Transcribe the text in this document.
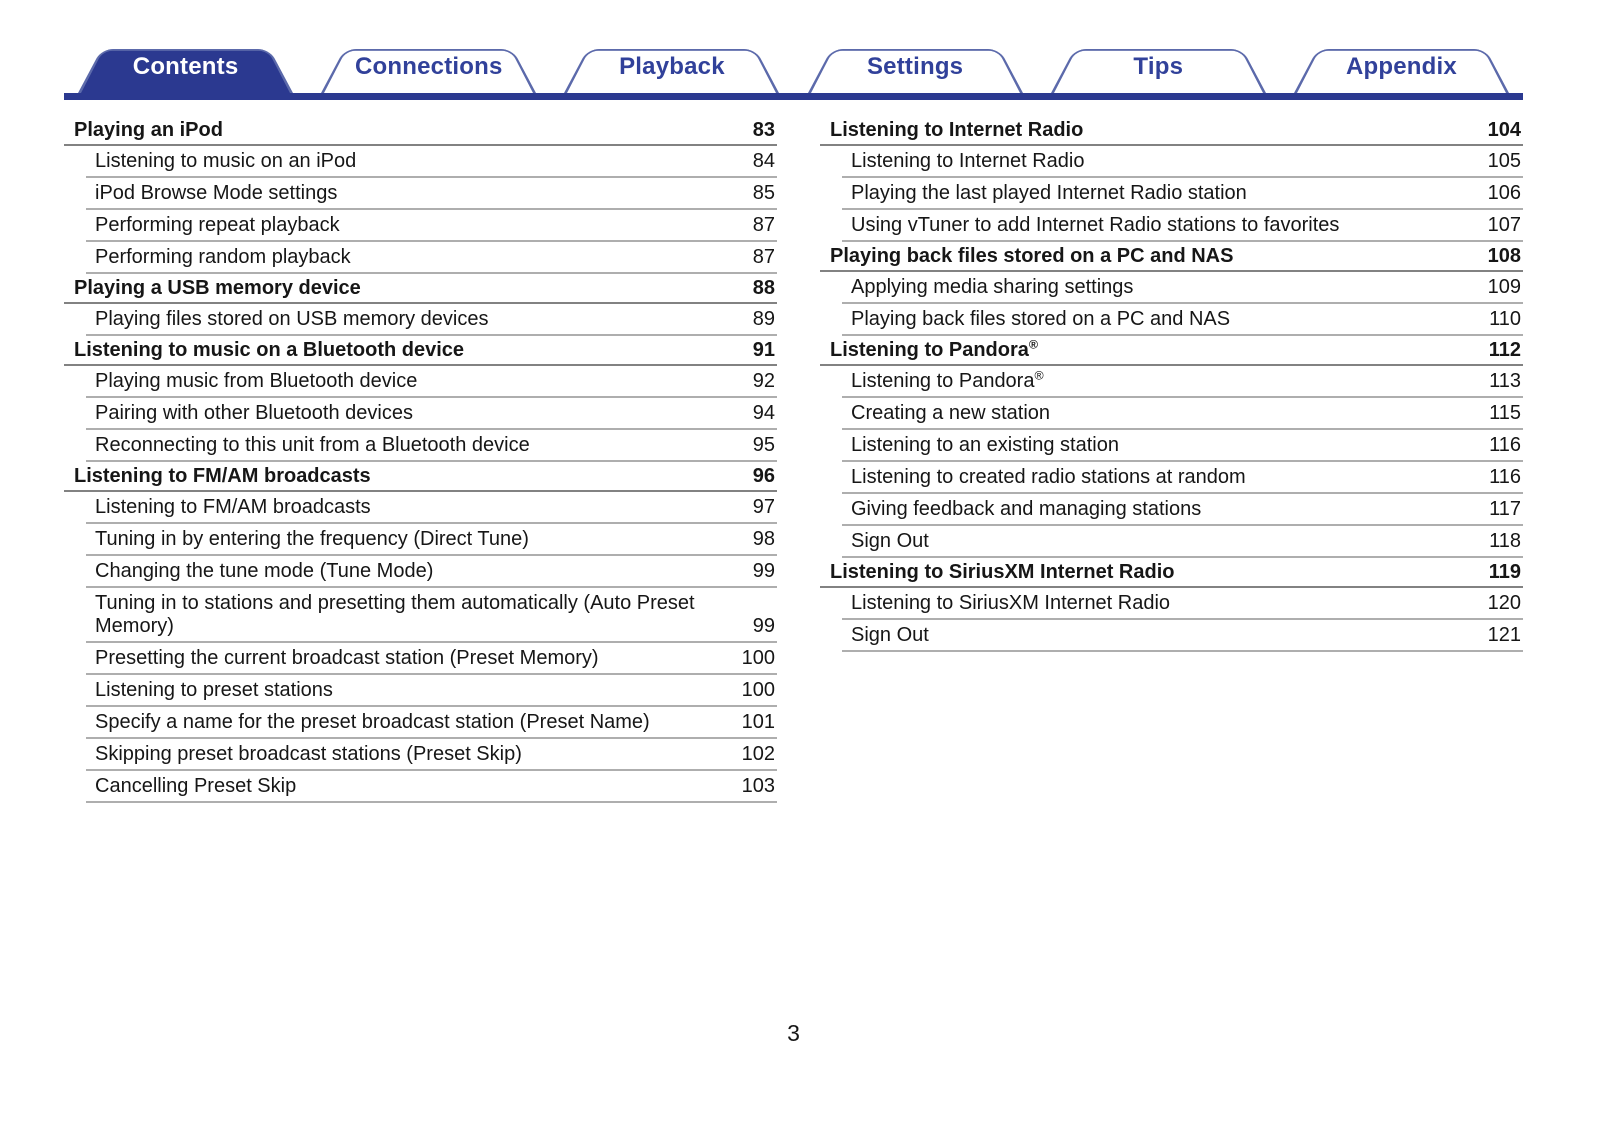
Contents	Connections	Playback	Settings	Tips	Appendix
Playing an iPod	83
Listening to music on an iPod	84
iPod Browse Mode settings	85
Performing repeat playback	87
Performing random playback	87
Playing a USB memory device	88
Playing files stored on USB memory devices	89
Listening to music on a Bluetooth device	91
Playing music from Bluetooth device	92
Pairing with other Bluetooth devices	94
Reconnecting to this unit from a Bluetooth device	95
Listening to FM/AM broadcasts	96
Listening to FM/AM broadcasts	97
Tuning in by entering the frequency (Direct Tune)	98
Changing the tune mode (Tune Mode)	99
Tuning in to stations and presetting them automatically (Auto Preset Memory)	99
Presetting the current broadcast station (Preset Memory)	100
Listening to preset stations	100
Specify a name for the preset broadcast station (Preset Name)	101
Skipping preset broadcast stations (Preset Skip)	102
Cancelling Preset Skip	103
Listening to Internet Radio	104
Listening to Internet Radio	105
Playing the last played Internet Radio station	106
Using vTuner to add Internet Radio stations to favorites	107
Playing back files stored on a PC and NAS	108
Applying media sharing settings	109
Playing back files stored on a PC and NAS	110
Listening to Pandora®	112
Listening to Pandora®	113
Creating a new station	115
Listening to an existing station	116
Listening to created radio stations at random	116
Giving feedback and managing stations	117
Sign Out	118
Listening to SiriusXM Internet Radio	119
Listening to SiriusXM Internet Radio	120
Sign Out	121
3
